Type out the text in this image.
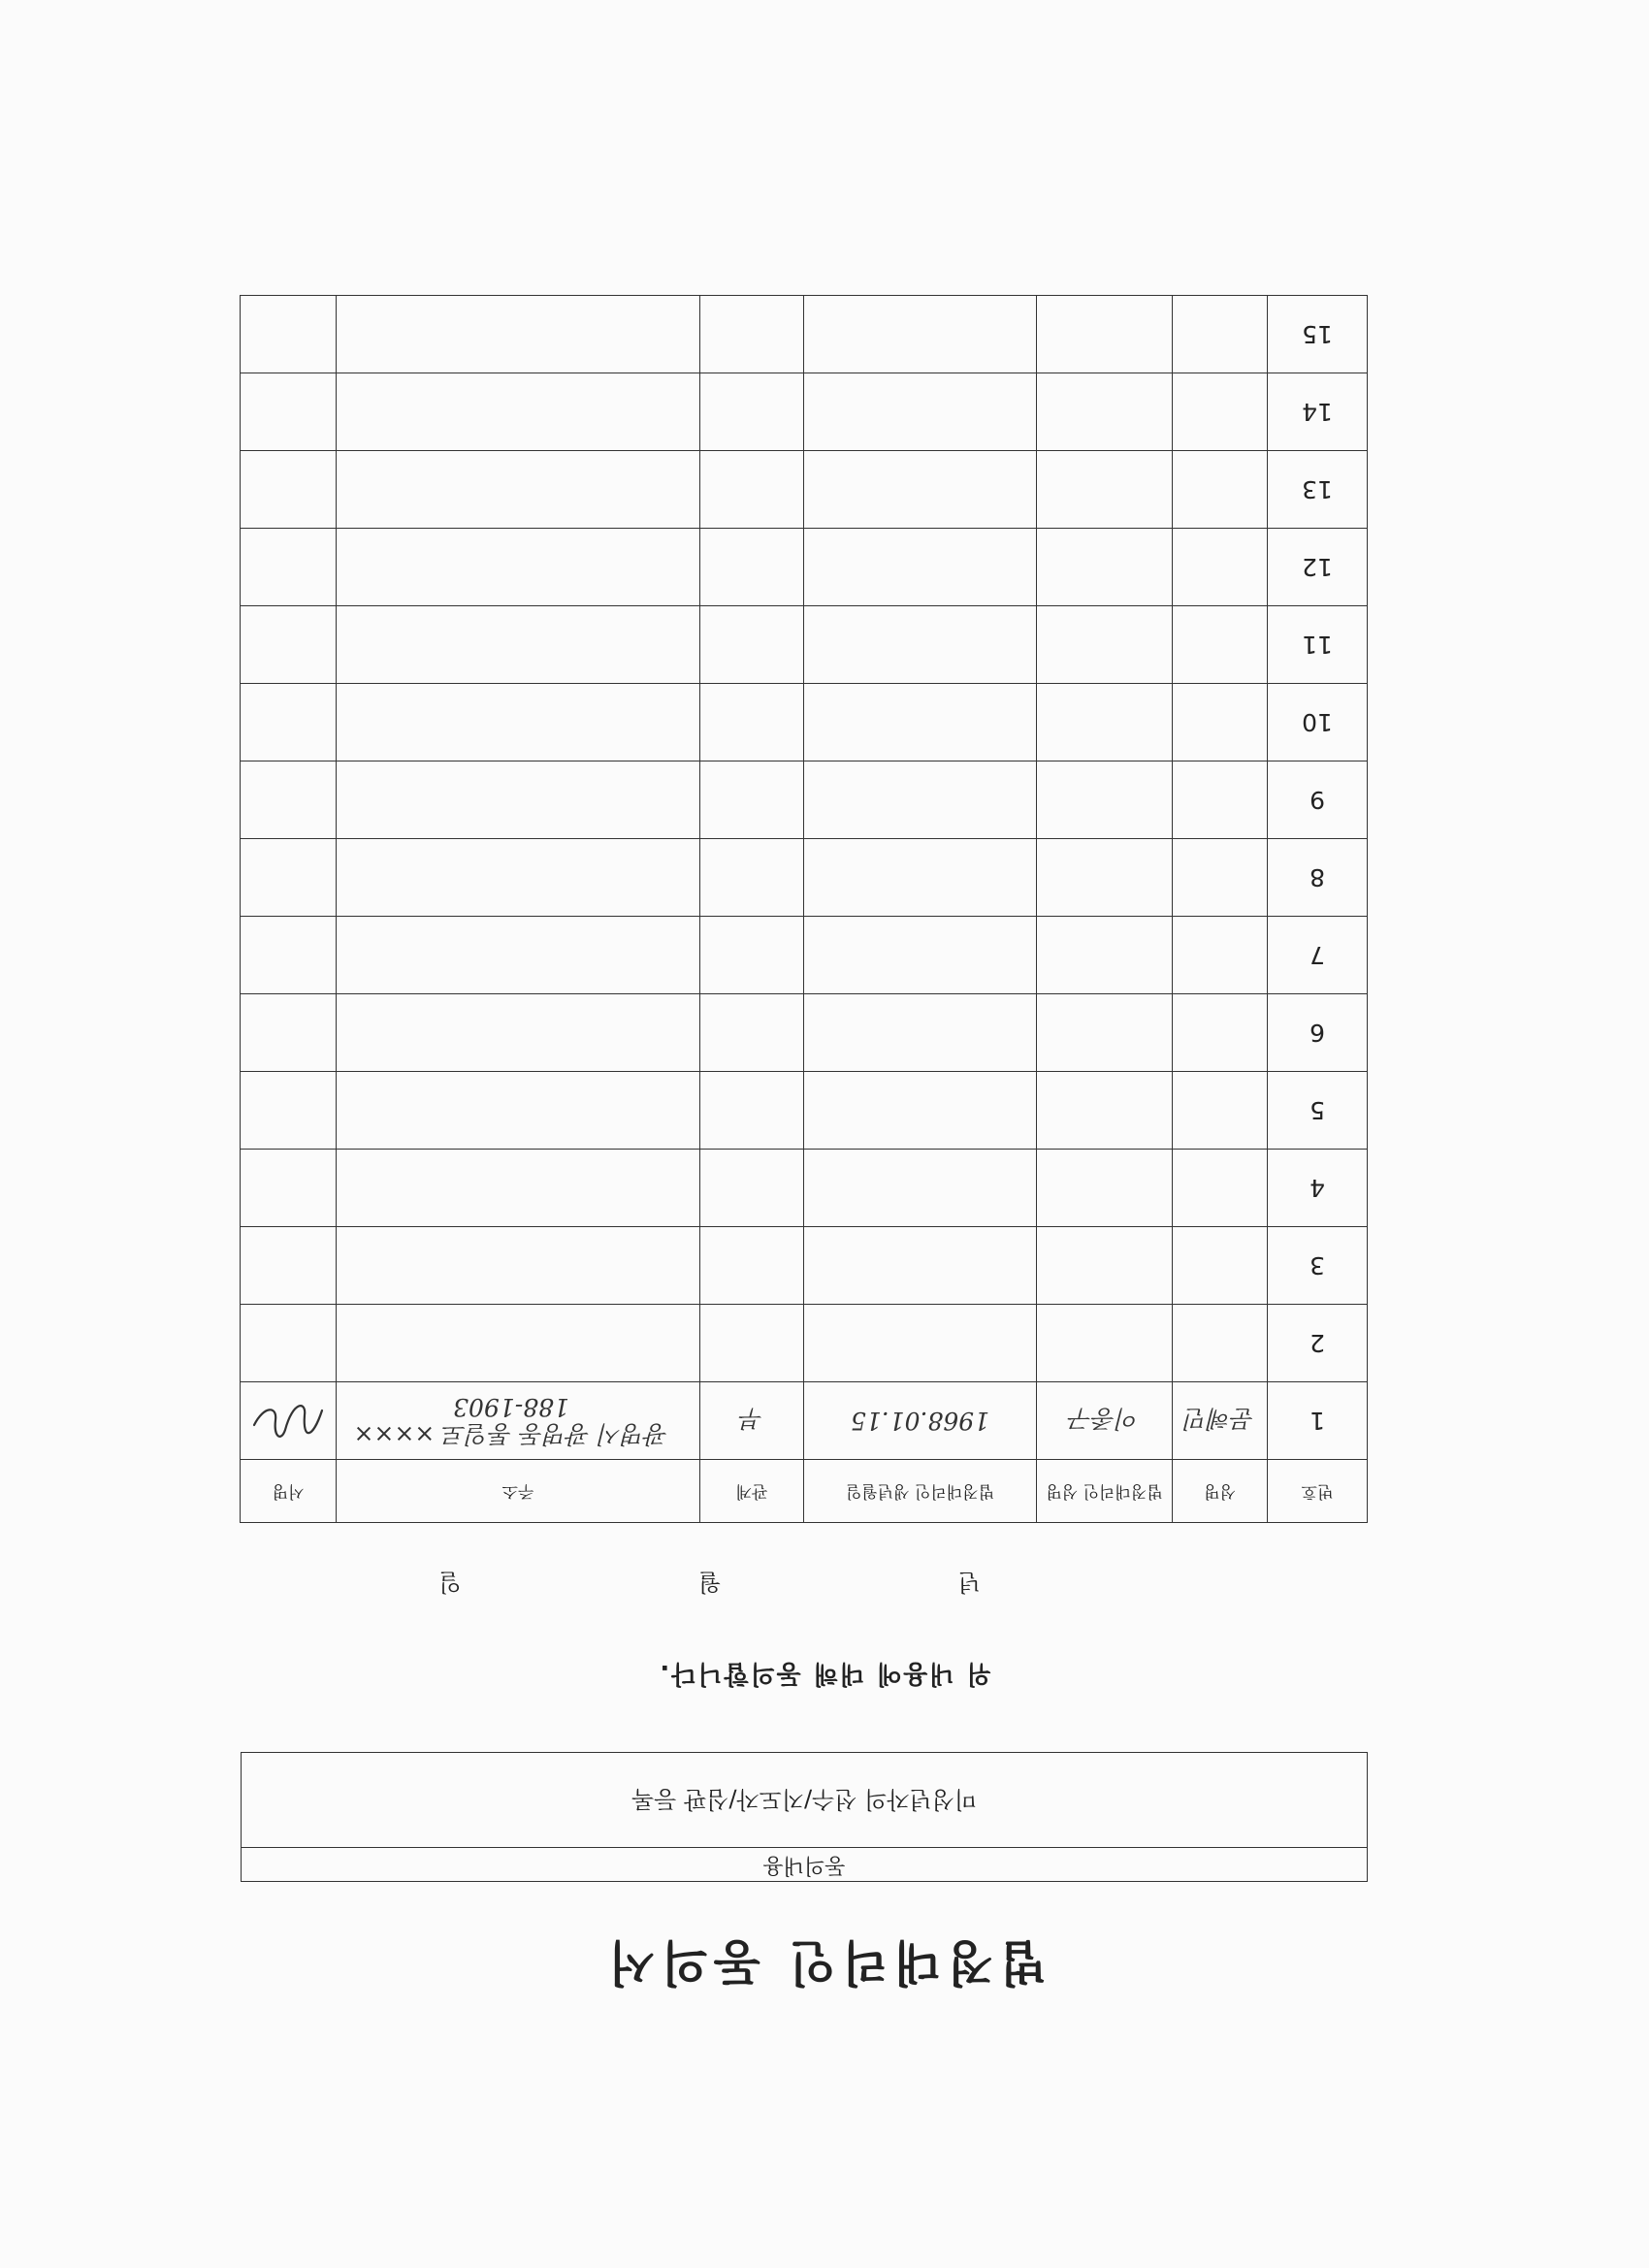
법정대리인 동의서
동의내용
미성년자의 선수/지도자/심판 등록
위 내용에 대해 동의합니다.
년 월 일
번호	성명	법정대리인 성명	법정대리인 생년월일	관계	주소	서명
1	문혜민	이종구	1968.01.15	부	광명시 광명동 통일로 ××××
188-1903

2					

3					

4					

5					

6					

7					

8					

9					

10					

11					

12					

13					

14					

15					
